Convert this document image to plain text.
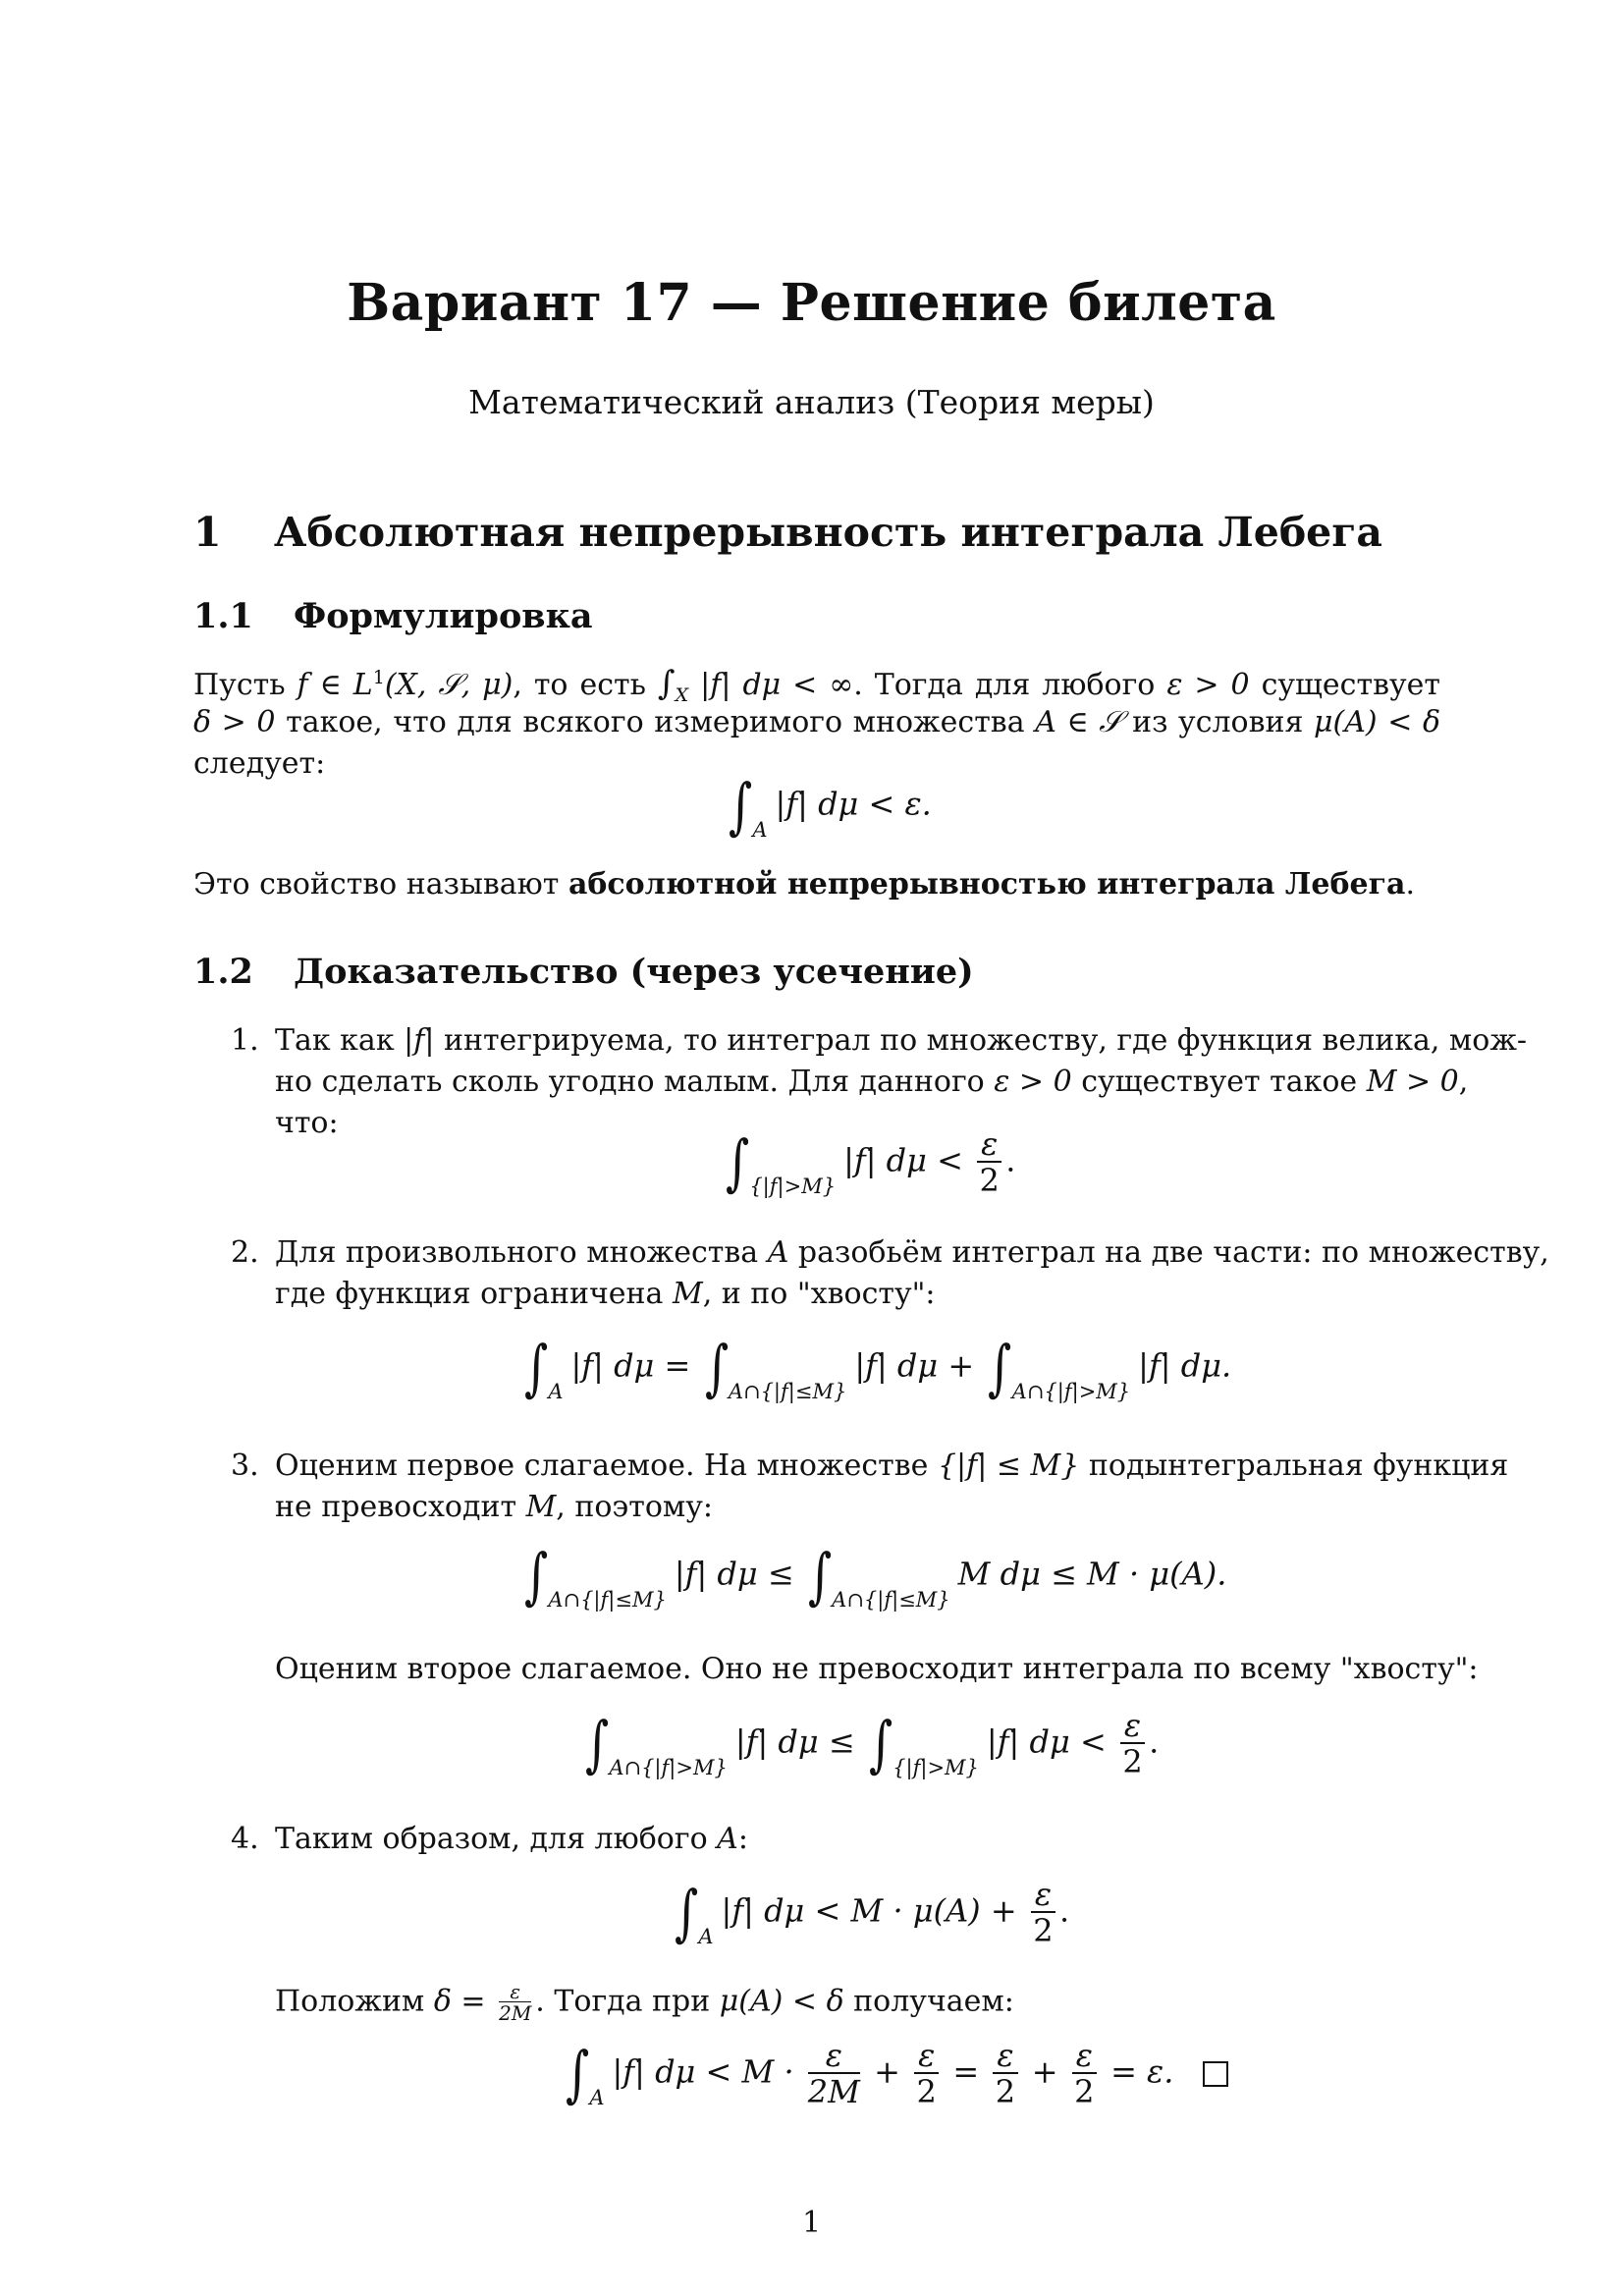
Вариант 17 — Решение билета
Математический анализ (Теория меры)
1 Абсолютная непрерывность интеграла Лебега
1.1 Формулировка
Пусть f ∈ $L^1(X$, 𝒮, μ), то есть $\int_X$ |f| dμ < ∞. Тогда для любого ε > 0 существует
δ > 0 такое, что для всякого измеримого множества A ∈ 𝒮 из условия μ(A) < δ
следует:
$\int_A|f|$ dμ < ε.
Это свойство называют абсолютной непрерывностью интеграла Лебега.
1.2 Доказательство (через усечение)
1. Так как |f| интегрируема, то интеграл по множеству, где функция велика, мож-
но сделать сколь угодно малым. Для данного ε > 0 существует такое M > 0,
что:
$\int_{\{|f|>M\}}|f|$ $d\mu < \frac{\varepsilon}{2}$ .
2. Для произвольного множества A разобьём интеграл на две части: по множеству,
где функция ограничена M, и по "хвосту":
$\int_A|f|$ $d\mu = \int_{A\cap\{|f|\le M\}}|f|$ $d\mu + \int_{A\cap\{|f|>M\}}|f|$ dμ.
3. Оценим первое слагаемое. На множестве {|f| ≤ M} подынтегральная функция
не превосходит M, поэтому:
$\int_{A\cap\{|f|\le M\}}|f|$ $d\mu \le \int_{A\cap\{|f|\le M\}}M$ dμ ≤ M · μ(A).
Оценим второе слагаемое. Оно не превосходит интеграла по всему "хвосту":
$\int_{A\cap\{|f|>M\}}|f|$ $d\mu \le \int_{\{|f|>M\}}|f|$ $d\mu < \frac{\varepsilon}{2}$ .
4. Таким образом, для любого A:
$\int_A|f|$ $d\mu < M \cdot \mu(A) + \frac{\varepsilon}{2}$ .
Положим $\delta = \frac{\varepsilon}{2M}$ . Тогда при μ(A) < δ получаем:
$\int_A|f|$ $d\mu < M \cdot \frac{\varepsilon}{2M} + \frac{\varepsilon}{2} = \frac{\varepsilon}{2} + \frac{\varepsilon}{2} = \varepsilon$.
1
